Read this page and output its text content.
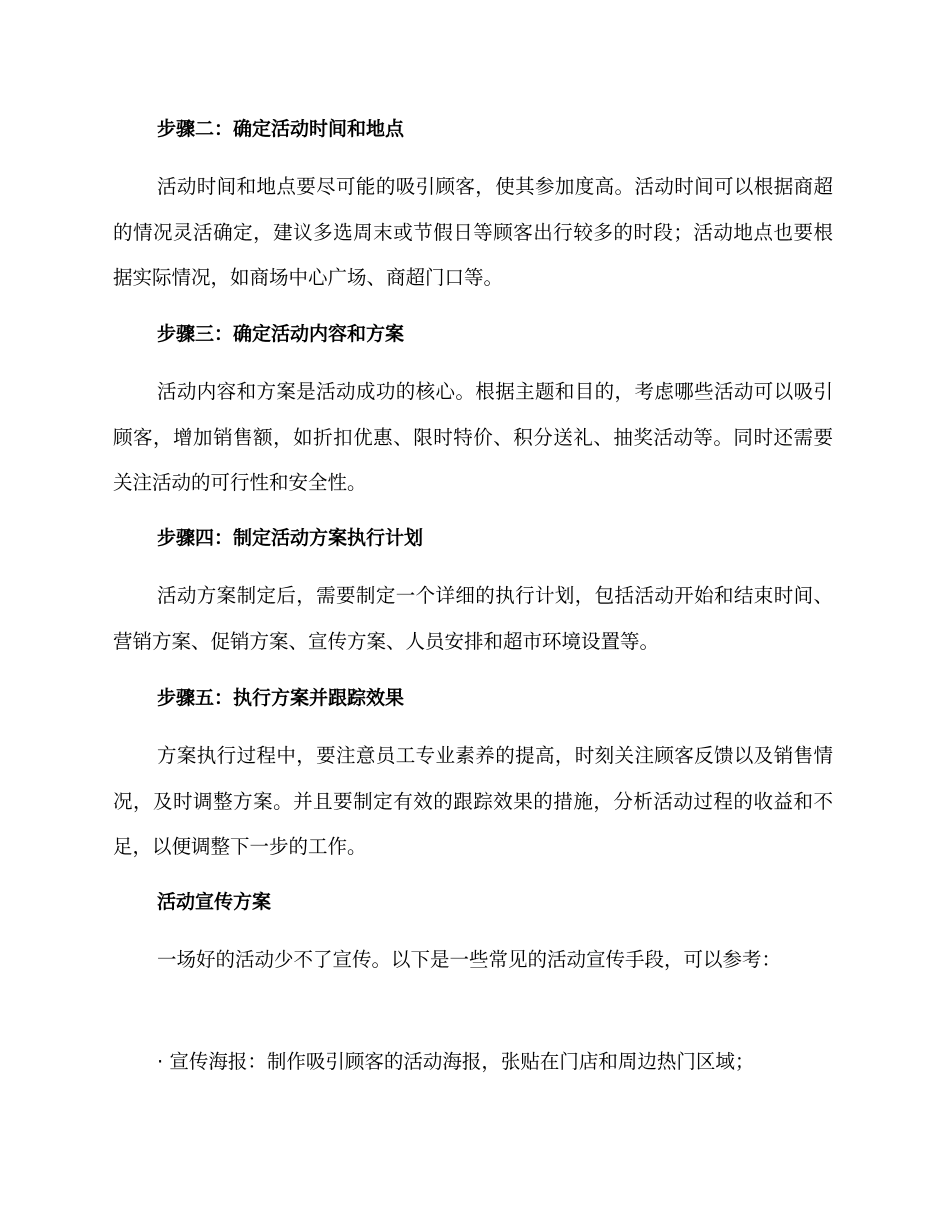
步骤二：确定活动时间和地点
活动时间和地点要尽可能的吸引顾客，使其参加度高。活动时间可以根据商超的情况灵活确定，建议多选周末或节假日等顾客出行较多的时段；活动地点也要根据实际情况，如商场中心广场、商超门口等。
步骤三：确定活动内容和方案
活动内容和方案是活动成功的核心。根据主题和目的，考虑哪些活动可以吸引顾客，增加销售额，如折扣优惠、限时特价、积分送礼、抽奖活动等。同时还需要关注活动的可行性和安全性。
步骤四：制定活动方案执行计划
活动方案制定后，需要制定一个详细的执行计划，包括活动开始和结束时间、营销方案、促销方案、宣传方案、人员安排和超市环境设置等。
步骤五：执行方案并跟踪效果
方案执行过程中，要注意员工专业素养的提高，时刻关注顾客反馈以及销售情况，及时调整方案。并且要制定有效的跟踪效果的措施，分析活动过程的收益和不足，以便调整下一步的工作。
活动宣传方案
一场好的活动少不了宣传。以下是一些常见的活动宣传手段，可以参考：
· 宣传海报：制作吸引顾客的活动海报，张贴在门店和周边热门区域；
